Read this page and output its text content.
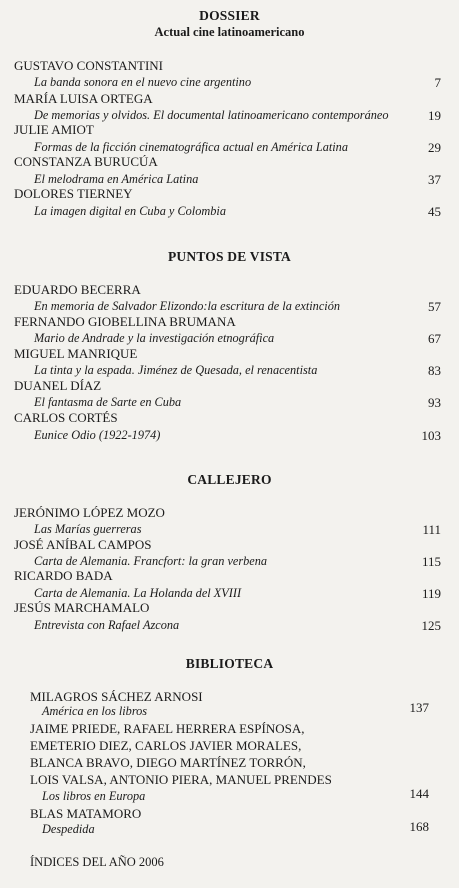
DOSSIER
Actual cine latinoamericano
GUSTAVO CONSTANTINI
La banda sonora en el nuevo cine argentino	7
MARÍA LUISA ORTEGA
De memorias y olvidos. El documental latinoamericano contemporáneo	19
JULIE AMIOT
Formas de la ficción cinematográfica actual en América Latina	29
CONSTANZA BURUCÚA
El melodrama en América Latina	37
DOLORES TIERNEY
La imagen digital en Cuba y Colombia	45
PUNTOS DE VISTA
EDUARDO BECERRA
En memoria de Salvador Elizondo:la escritura de la extinción	57
FERNANDO GIOBELLINA BRUMANA
Mario de Andrade y la investigación etnográfica	67
MIGUEL MANRIQUE
La tinta y la espada. Jiménez de Quesada, el renacentista	83
DUANEL DÍAZ
El fantasma de Sarte en Cuba	93
CARLOS CORTÉS
Eunice Odio (1922-1974)	103
CALLEJERO
JERÓNIMO LÓPEZ MOZO
Las Marías guerreras	111
JOSÉ ANÍBAL CAMPOS
Carta de Alemania. Francfort: la gran verbena	115
RICARDO BADA
Carta de Alemania. La Holanda del XVIII	119
JESÚS MARCHAMALO
Entrevista con Rafael Azcona	125
BIBLIOTECA
MILAGROS SÁCHEZ ARNOSI
América en los libros	137
JAIME PRIEDE, RAFAEL HERRERA ESPÍNOSA,
EMETERIO DIEZ, CARLOS JAVIER MORALES,
BLANCA BRAVO, DIEGO MARTÍNEZ TORRÓN,
LOIS VALSA, ANTONIO PIERA, MANUEL PRENDES
Los libros en Europa	144
BLAS MATAMORO
Despedida	168
ÍNDICES DEL AÑO 2006
